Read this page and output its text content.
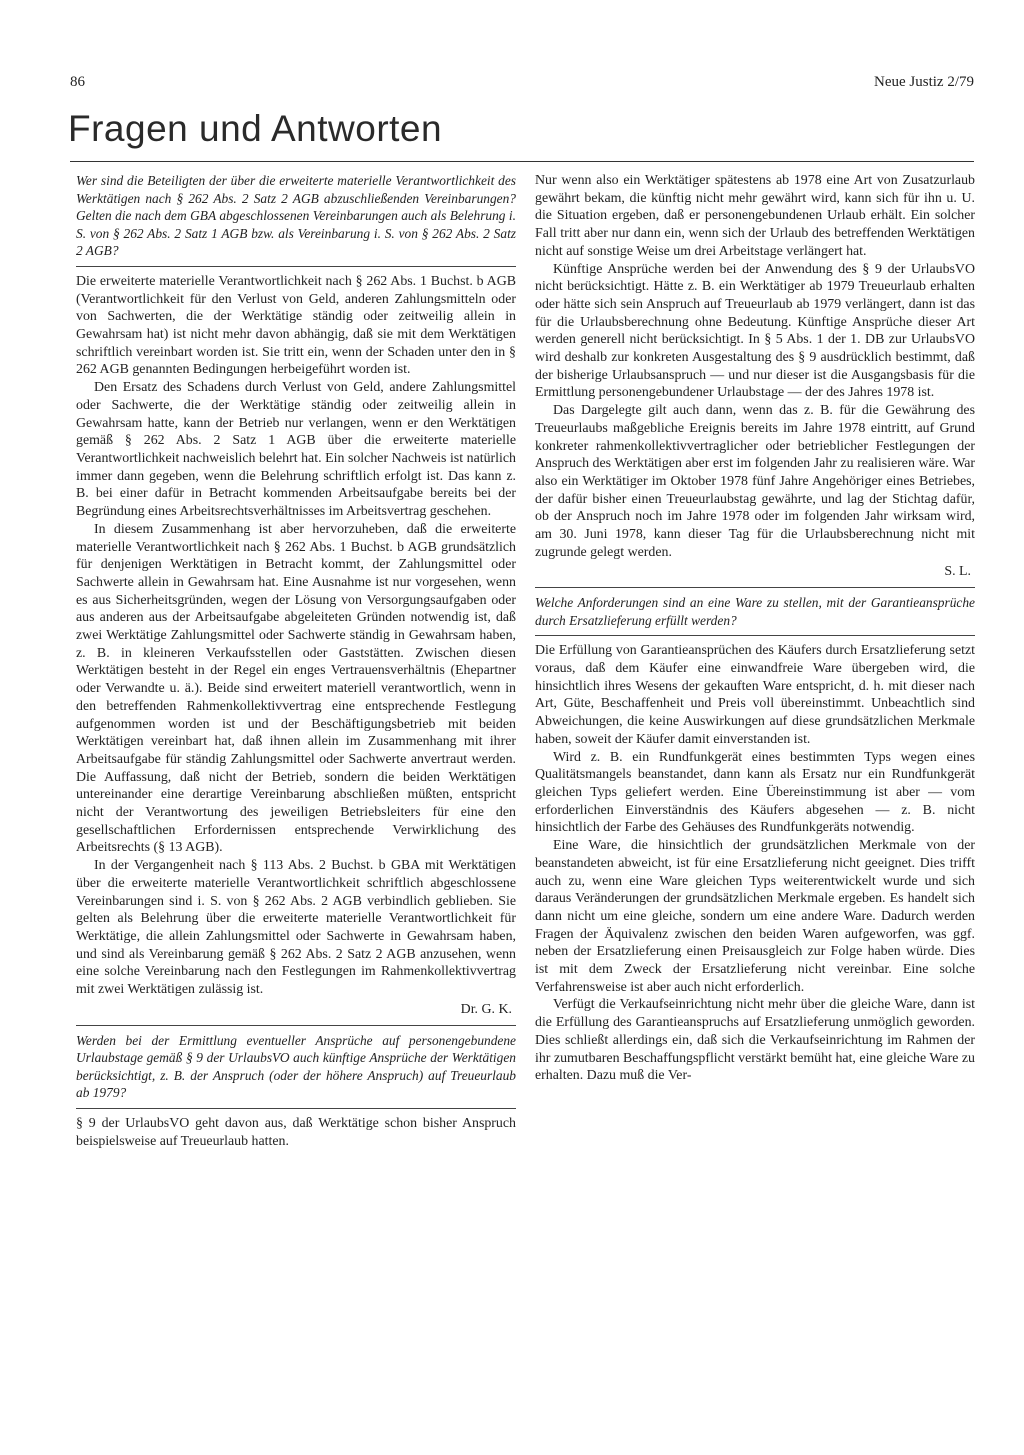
86	Neue Justiz 2/79
Fragen und Antworten

Wer sind die Beteiligten der über die erweiterte materielle Verantwortlichkeit des Werktätigen nach § 262 Abs. 2 Satz 2 AGB abzuschließenden Vereinbarungen? Gelten die nach dem GBA abgeschlossenen Vereinbarungen auch als Belehrung i. S. von § 262 Abs. 2 Satz 1 AGB bzw. als Vereinbarung i. S. von § 262 Abs. 2 Satz 2 AGB?

Die erweiterte materielle Verantwortlichkeit nach § 262 Abs. 1 Buchst. b AGB (Verantwortlichkeit für den Verlust von Geld, anderen Zahlungsmitteln oder von Sachwerten, die der Werktätige ständig oder zeitweilig allein in Gewahrsam hat) ist nicht mehr davon abhängig, daß sie mit dem Werktätigen schriftlich vereinbart worden ist. Sie tritt ein, wenn der Schaden unter den in § 262 AGB genannten Bedingungen herbeigeführt worden ist.

Den Ersatz des Schadens durch Verlust von Geld, andere Zahlungsmittel oder Sachwerte, die der Werktätige ständig oder zeitweilig allein in Gewahrsam hatte, kann der Betrieb nur verlangen, wenn er den Werktätigen gemäß § 262 Abs. 2 Satz 1 AGB über die erweiterte materielle Verantwortlichkeit nachweislich belehrt hat. Ein solcher Nachweis ist natürlich immer dann gegeben, wenn die Belehrung schriftlich erfolgt ist. Das kann z. B. bei einer dafür in Betracht kommenden Arbeitsaufgabe bereits bei der Begründung eines Arbeitsrechtsverhältnisses im Arbeitsvertrag geschehen.

In diesem Zusammenhang ist aber hervorzuheben, daß die erweiterte materielle Verantwortlichkeit nach § 262 Abs. 1 Buchst. b AGB grundsätzlich für denjenigen Werktätigen in Betracht kommt, der Zahlungsmittel oder Sachwerte allein in Gewahrsam hat. Eine Ausnahme ist nur vorgesehen, wenn es aus Sicherheitsgründen, wegen der Lösung von Versorgungsaufgaben oder aus anderen aus der Arbeitsaufgabe abgeleiteten Gründen notwendig ist, daß zwei Werktätige Zahlungsmittel oder Sachwerte ständig in Gewahrsam haben, z. B. in kleineren Verkaufsstellen oder Gaststätten. Zwischen diesen Werktätigen besteht in der Regel ein enges Vertrauensverhältnis (Ehepartner oder Verwandte u. ä.). Beide sind erweitert materiell verantwortlich, wenn in den betreffenden Rahmenkollektivvertrag eine entsprechende Festlegung aufgenommen worden ist und der Beschäftigungsbetrieb mit beiden Werktätigen vereinbart hat, daß ihnen allein im Zusammenhang mit ihrer Arbeitsaufgabe für ständig Zahlungsmittel oder Sachwerte anvertraut werden. Die Auffassung, daß nicht der Betrieb, sondern die beiden Werktätigen untereinander eine derartige Vereinbarung abschließen müßten, entspricht nicht der Verantwortung des jeweiligen Betriebsleiters für eine den gesellschaftlichen Erfordernissen entsprechende Verwirklichung des Arbeitsrechts (§ 13 AGB).

In der Vergangenheit nach § 113 Abs. 2 Buchst. b GBA mit Werktätigen über die erweiterte materielle Verantwortlichkeit schriftlich abgeschlossene Vereinbarungen sind i. S. von § 262 Abs. 2 AGB verbindlich geblieben. Sie gelten als Belehrung über die erweiterte materielle Verantwortlichkeit für Werktätige, die allein Zahlungsmittel oder Sachwerte in Gewahrsam haben, und sind als Vereinbarung gemäß § 262 Abs. 2 Satz 2 AGB anzusehen, wenn eine solche Vereinbarung nach den Festlegungen im Rahmenkollektivvertrag mit zwei Werktätigen zulässig ist.

Dr. G. K.

Werden bei der Ermittlung eventueller Ansprüche auf personengebundene Urlaubstage gemäß § 9 der UrlaubsVO auch künftige Ansprüche der Werktätigen berücksichtigt, z. B. der Anspruch (oder der höhere Anspruch) auf Treueurlaub ab 1979?

§ 9 der UrlaubsVO geht davon aus, daß Werktätige schon bisher Anspruch beispielsweise auf Treueurlaub hatten.

Nur wenn also ein Werktätiger spätestens ab 1978 eine Art von Zusatzurlaub gewährt bekam, die künftig nicht mehr gewährt wird, kann sich für ihn u. U. die Situation ergeben, daß er personengebundenen Urlaub erhält. Ein solcher Fall tritt aber nur dann ein, wenn sich der Urlaub des betreffenden Werktätigen nicht auf sonstige Weise um drei Arbeitstage verlängert hat.

Künftige Ansprüche werden bei der Anwendung des § 9 der UrlaubsVO nicht berücksichtigt. Hätte z. B. ein Werktätiger ab 1979 Treueurlaub erhalten oder hätte sich sein Anspruch auf Treueurlaub ab 1979 verlängert, dann ist das für die Urlaubsberechnung ohne Bedeutung. Künftige Ansprüche dieser Art werden generell nicht berücksichtigt. In § 5 Abs. 1 der 1. DB zur UrlaubsVO wird deshalb zur konkreten Ausgestaltung des § 9 ausdrücklich bestimmt, daß der bisherige Urlaubsanspruch — und nur dieser ist die Ausgangsbasis für die Ermittlung personengebundener Urlaubstage — der des Jahres 1978 ist.

Das Dargelegte gilt auch dann, wenn das z. B. für die Gewährung des Treueurlaubs maßgebliche Ereignis bereits im Jahre 1978 eintritt, auf Grund konkreter rahmenkollektivvertraglicher oder betrieblicher Festlegungen der Anspruch des Werktätigen aber erst im folgenden Jahr zu realisieren wäre. War also ein Werktätiger im Oktober 1978 fünf Jahre Angehöriger eines Betriebes, der dafür bisher einen Treueurlaubstag gewährte, und lag der Stichtag dafür, ob der Anspruch noch im Jahre 1978 oder im folgenden Jahr wirksam wird, am 30. Juni 1978, kann dieser Tag für die Urlaubsberechnung nicht mit zugrunde gelegt werden.

S. L.

Welche Anforderungen sind an eine Ware zu stellen, mit der Garantieansprüche durch Ersatzlieferung erfüllt werden?

Die Erfüllung von Garantieansprüchen des Käufers durch Ersatzlieferung setzt voraus, daß dem Käufer eine einwandfreie Ware übergeben wird, die hinsichtlich ihres Wesens der gekauften Ware entspricht, d. h. mit dieser nach Art, Güte, Beschaffenheit und Preis voll übereinstimmt. Unbeachtlich sind Abweichungen, die keine Auswirkungen auf diese grundsätzlichen Merkmale haben, soweit der Käufer damit einverstanden ist.

Wird z. B. ein Rundfunkgerät eines bestimmten Typs wegen eines Qualitätsmangels beanstandet, dann kann als Ersatz nur ein Rundfunkgerät gleichen Typs geliefert werden. Eine Übereinstimmung ist aber — vom erforderlichen Einverständnis des Käufers abgesehen — z. B. nicht hinsichtlich der Farbe des Gehäuses des Rundfunkgeräts notwendig.

Eine Ware, die hinsichtlich der grundsätzlichen Merkmale von der beanstandeten abweicht, ist für eine Ersatzlieferung nicht geeignet. Dies trifft auch zu, wenn eine Ware gleichen Typs weiterentwickelt wurde und sich daraus Veränderungen der grundsätzlichen Merkmale ergeben. Es handelt sich dann nicht um eine gleiche, sondern um eine andere Ware. Dadurch werden Fragen der Äquivalenz zwischen den beiden Waren aufgeworfen, was ggf. neben der Ersatzlieferung einen Preisausgleich zur Folge haben würde. Dies ist mit dem Zweck der Ersatzlieferung nicht vereinbar. Eine solche Verfahrensweise ist aber auch nicht erforderlich.

Verfügt die Verkaufseinrichtung nicht mehr über die gleiche Ware, dann ist die Erfüllung des Garantieanspruchs auf Ersatzlieferung unmöglich geworden. Dies schließt allerdings ein, daß sich die Verkaufseinrichtung im Rahmen der ihr zumutbaren Beschaffungspflicht verstärkt bemüht hat, eine gleiche Ware zu erhalten. Dazu muß die Ver-
